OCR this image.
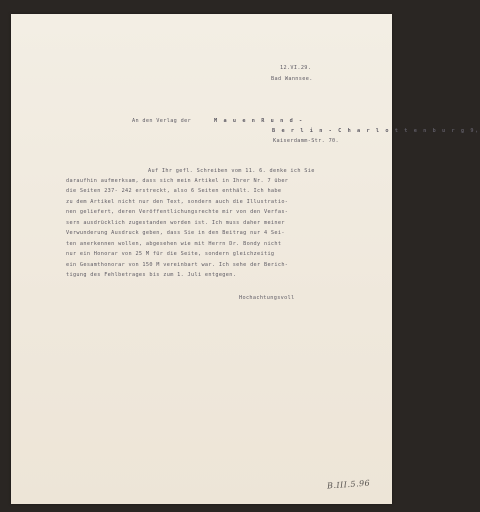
12.VI.29.
Bad Wannsee.
An den Verlag der	M a u e n R u n d -
B e r l i n - C h a r l o t t e n b u r g 9,
Kaiserdamm-Str. 70.
Auf Ihr gefl. Schreiben vom 11. 6. denke ich Sie
daraufhin aufmerksam, dass sich mein Artikel in Ihrer Nr. 7 über
die Seiten 237- 242 erstreckt, also 6 Seiten enthält. Ich habe
zu dem Artikel nicht nur den Text, sondern auch die Illustratio-
nen geliefert, deren Veröffentlichungsrechte mir von den Verfas-
sern ausdrücklich zugestanden worden ist. Ich muss daher meiner
Verwunderung Ausdruck geben, dass Sie in den Beitrag nur 4 Sei-
ten anerkennen wollen, abgesehen wie mit Herrn Dr. Bondy nicht
nur ein Honorar von 25 M für die Seite, sondern gleichzeitig
ein Gesamthonorar von 150 M vereinbart war. Ich sehe der Berich-
tigung des Fehlbetrages bis zum 1. Juli entgegen.
Hochachtungsvoll
B.III.5.96
